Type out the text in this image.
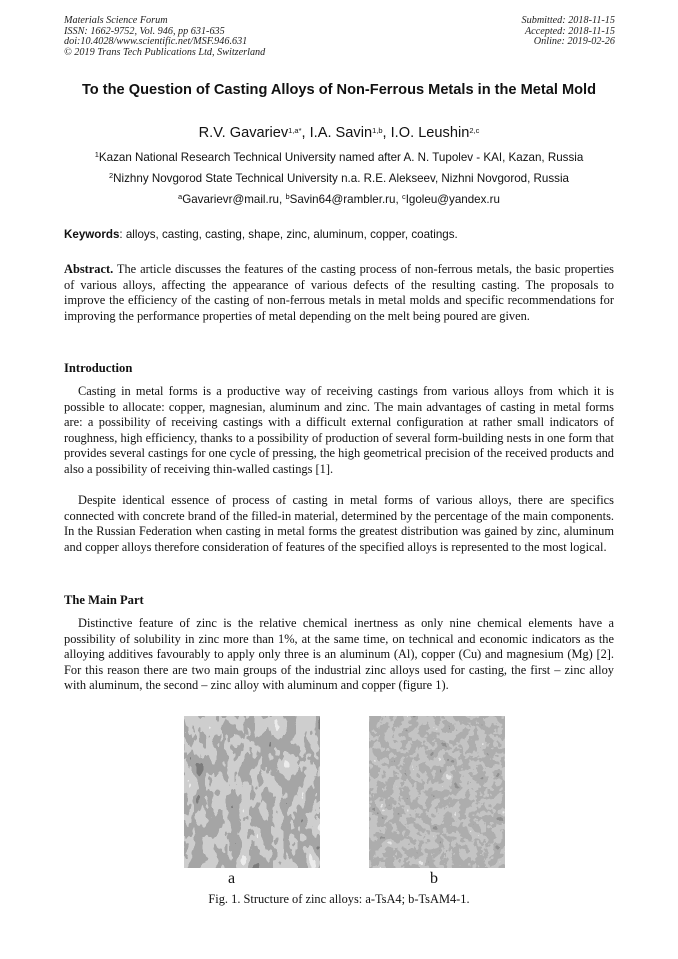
Materials Science Forum
ISSN: 1662-9752, Vol. 946, pp 631-635
doi:10.4028/www.scientific.net/MSF.946.631
© 2019 Trans Tech Publications Ltd, Switzerland
Submitted: 2018-11-15
Accepted: 2018-11-15
Online: 2019-02-26
To the Question of Casting Alloys of Non-Ferrous Metals in the Metal Mold
R.V. Gavariev$^{1,a*}$, I.A. Savin$^{1,b}$, I.O. Leushin$^{2,c}$
$^1$Kazan National Research Technical University named after A. N. Tupolev - KAI, Kazan, Russia
$^2$Nizhny Novgorod State Technical University n.a. R.E. Alekseev, Nizhni Novgorod, Russia
$^a$Gavarievr@mail.ru, $^b$Savin64@rambler.ru, $^c$Igoleu@yandex.ru
Keywords: alloys, casting, casting, shape, zinc, aluminum, copper, coatings.

Abstract. The article discusses the features of the casting process of non-ferrous metals, the basic properties of various alloys, affecting the appearance of various defects of the resulting casting. The proposals to improve the efficiency of the casting of non-ferrous metals in metal molds and specific recommendations for improving the performance properties of metal depending on the melt being poured are given.

Introduction

Casting in metal forms is a productive way of receiving castings from various alloys from which it is possible to allocate: copper, magnesian, aluminum and zinc. The main advantages of casting in metal forms are: a possibility of receiving castings with a difficult external configuration at rather small indicators of roughness, high efficiency, thanks to a possibility of production of several form-building nests in one form that provides several castings for one cycle of pressing, the high geometrical precision of the received products and also a possibility of receiving thin-walled castings [1].

Despite identical essence of process of casting in metal forms of various alloys, there are specifics connected with concrete brand of the filled-in material, determined by the percentage of the main components. In the Russian Federation when casting in metal forms the greatest distribution was gained by zinc, aluminum and copper alloys therefore consideration of features of the specified alloys is represented to the most logical.

The Main Part

Distinctive feature of zinc is the relative chemical inertness as only nine chemical elements have a possibility of solubility in zinc more than 1%, at the same time, on technical and economic indicators as the alloying additives favourably to apply only three is an aluminum (Al), copper (Cu) and magnesium (Mg) [2]. For this reason there are two main groups of the industrial zinc alloys used for casting, the first – zinc alloy with aluminum, the second – zinc alloy with aluminum and copper (figure 1).

a	b
Fig. 1. Structure of zinc alloys: a-TsA4; b-TsAM4-1.
